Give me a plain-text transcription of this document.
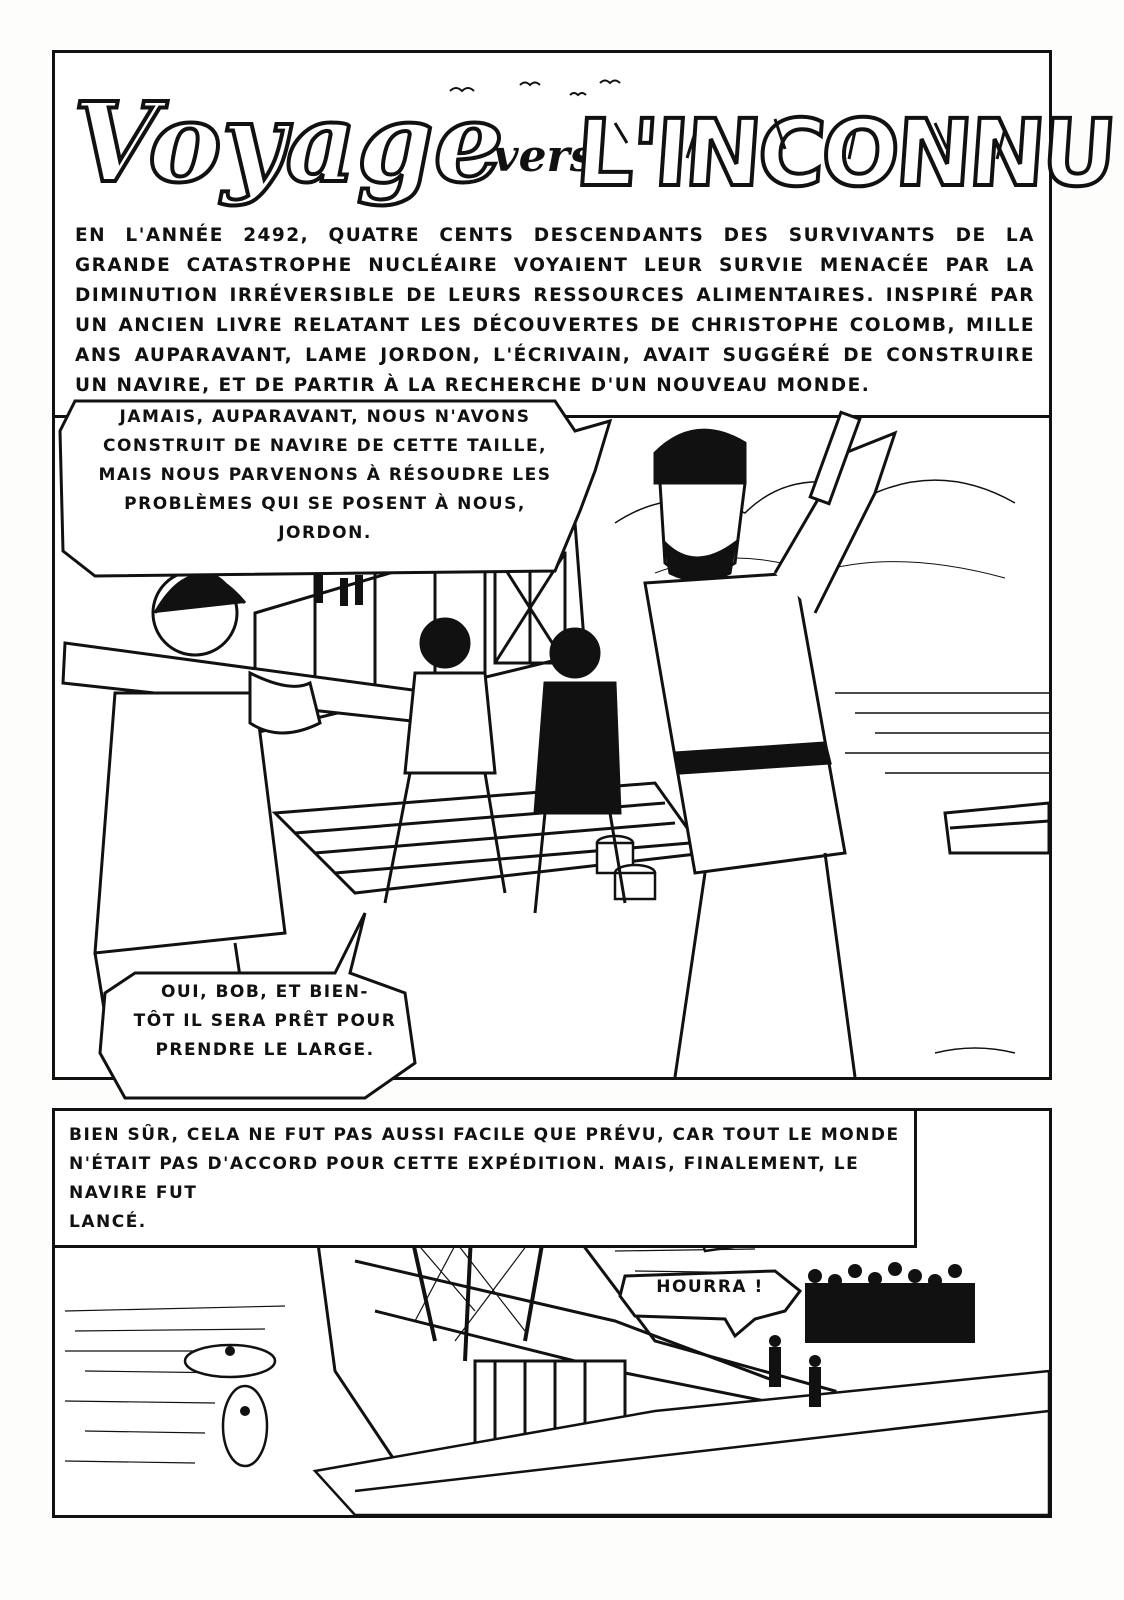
Voyage
vers
L'INCONNU
EN L'ANNÉE 2492, QUATRE CENTS DESCENDANTS DES SURVIVANTS DE LA GRANDE CATASTROPHE NUCLÉAIRE VOYAIENT LEUR SURVIE MENACÉE PAR LA DIMINUTION IRRÉVERSIBLE DE LEURS RESSOURCES ALIMENTAIRES. INSPIRÉ PAR UN ANCIEN LIVRE RELATANT LES DÉCOUVERTES DE CHRISTOPHE COLOMB, MILLE ANS AUPARAVANT, LAME JORDON, L'ÉCRIVAIN, AVAIT SUGGÉRÉ DE CONSTRUIRE UN NAVIRE, ET DE PARTIR À LA RECHERCHE D'UN NOUVEAU MONDE.
JAMAIS, AUPARAVANT, NOUS N'AVONS
CONSTRUIT DE NAVIRE DE CETTE TAILLE,
MAIS NOUS PARVENONS À RÉSOUDRE LES
PROBLÈMES QUI SE POSENT À NOUS,
JORDON.
OUI, BOB, ET BIEN-
TÔT IL SERA PRÊT POUR
PRENDRE LE LARGE.
BIEN SÛR, CELA NE FUT PAS AUSSI FACILE QUE PRÉVU, CAR TOUT LE MONDE
N'ÉTAIT PAS D'ACCORD POUR CETTE EXPÉDITION. MAIS, FINALEMENT, LE
NAVIRE FUT
LANCÉ.
HOURRA !
